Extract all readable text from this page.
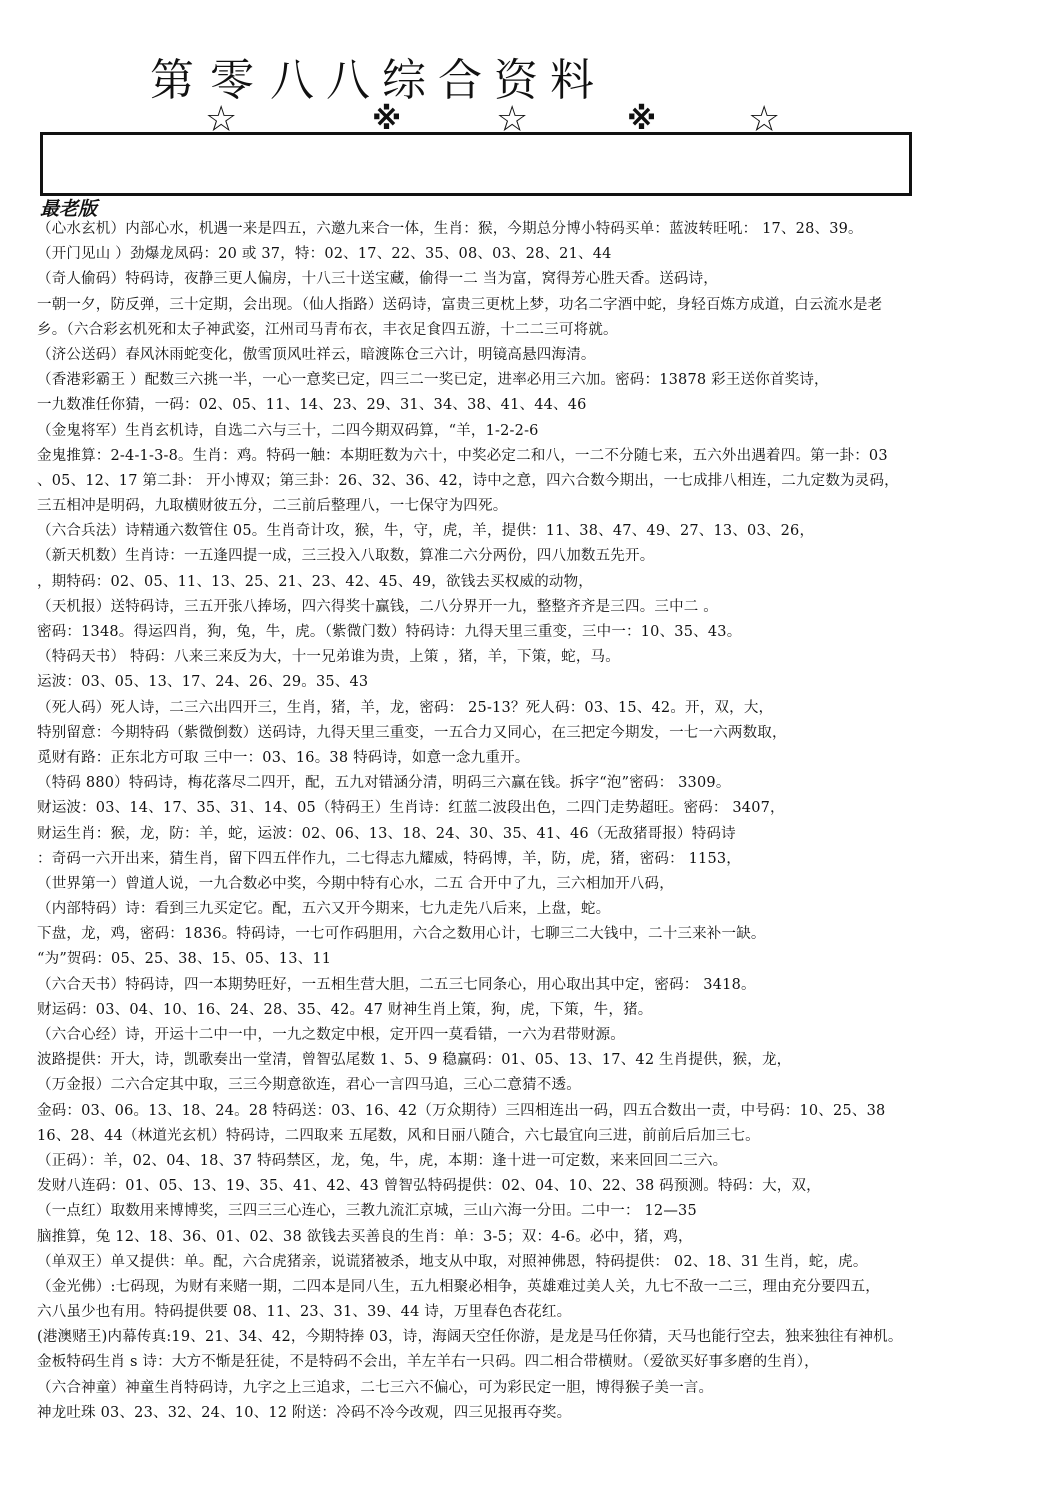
第 零 八八综合资料
☆	※	☆	※	☆
最老版
（心水玄机）内部心水，机遇一来是四五，六邀九来合一体，生肖：猴，今期总分博小特码买单：蓝波转旺吼： 17、28、39。
（开门见山 ）劲爆龙凤码：20 或 37，特：02、17、22、35、08、03、28、21、44
（奇人偷码）特码诗，夜静三更人偏房，十八三十送宝藏，偷得一二 当为富，窝得芳心胜天香。送码诗，
一朝一夕，防反弹，三十定期，会出现。（仙人指路）送码诗，富贵三更枕上梦，功名二字酒中蛇，身轻百炼方成道，白云流水是老
乡。（六合彩玄机死和太子神武姿，江州司马青布衣，丰衣足食四五游，十二二三可将就。
（济公送码）春风沐雨蛇变化，傲雪顶风吐祥云，暗渡陈仓三六计，明镜高悬四海清。
（香港彩霸王 ）配数三六挑一半，一心一意奖已定，四三二一奖已定，进率必用三六加。密码：13878 彩王送你首奖诗，
一九数准任你猜，一码：02、05、11、14、23、29、31、34、38、41、44、46
（金鬼将军）生肖玄机诗，自选二六与三十，二四今期双码算，“羊，1-2-2-6
金鬼推算：2-4-1-3-8。生肖：鸡。特码一触：本期旺数为六十，中奖必定二和八，一二不分随七来，五六外出遇着四。第一卦：03
、05、12、17 第二卦： 开小博双；第三卦：26、32、36、42，诗中之意，四六合数今期出，一七成排八相连，二九定数为灵码，
三五相冲是明码，九取横财彼五分，二三前后整理八，一七保守为四死。
（六合兵法）诗精通六数管住 05。生肖奇计攻，猴，牛，守，虎，羊，提供：11、38、47、49、27、13、03、26，
（新天机数）生肖诗：一五逢四提一成，三三投入八取数，算准二六分两份，四八加数五先开。
，期特码：02、05、11、13、25、21、23、42、45、49，欲钱去买权威的动物，
（天机报）送特码诗，三五开张八捧场，四六得奖十赢钱，二八分界开一九，整整齐齐是三四。三中二 。
密码：1348。得运四肖，狗，兔，牛，虎。（紫微门数）特码诗：九得天里三重变，三中一：10、35、43。
（特码天书） 特码：八来三来反为大，十一兄弟谁为贵，上策 ，猪，羊，下策，蛇，马。
运波：03、05、13、17、24、26、29。35、43
（死人码）死人诗，二三六出四开三，生肖，猪，羊，龙，密码： 25-13？死人码：03、15、42。开，双，大，
特别留意：今期特码（紫微倒数）送码诗，九得天里三重变，一五合力又同心，在三把定今期发，一七一六两数取，
觅财有路：正东北方可取 三中一：03、16。38 特码诗，如意一念九重开。
（特码 880）特码诗，梅花落尽二四开，配，五九对错涵分清，明码三六赢在钱。拆字“泡”密码： 3309。
财运波：03、14、17、35、31、14、05（特码王）生肖诗：红蓝二波段出色，二四门走势超旺。密码： 3407，
财运生肖：猴，龙，防：羊，蛇，运波：02、06、13、18、24、30、35、41、46（无敌猪哥报）特码诗
：奇码一六开出来，猜生肖，留下四五伴作九，二七得志九耀威，特码博，羊，防，虎，猪，密码： 1153，
（世界第一）曾道人说，一九合数必中奖，今期中特有心水，二五 合开中了九，三六相加开八码，
（内部特码）诗：看到三九买定它。配，五六又开今期来，七九走先八后来，上盘，蛇。
下盘，龙，鸡，密码：1836。特码诗，一七可作码胆用，六合之数用心计，七聊三二大钱中，二十三来补一缺。
“为”贺码：05、25、38、15、05、13、11
（六合天书）特码诗，四一本期势旺好，一五相生营大胆，二五三七同条心，用心取出其中定，密码： 3418。
财运码：03、04、10、16、24、28、35、42。47 财神生肖上策，狗，虎，下策，牛，猪。
（六合心经）诗，开运十二中一中，一九之数定中根，定开四一莫看错，一六为君带财源。
波路提供：开大，诗，凯歌奏出一堂清，曾智弘尾数 1、5、9 稳赢码：01、05、13、17、42 生肖提供，猴，龙，
（万金报）二六合定其中取，三三今期意欲连，君心一言四马追，三心二意猜不透。
金码：03、06。13、18、24。28 特码送：03、16、42（万众期待）三四相连出一码，四五合数出一责，中号码：10、25、38
16、28、44（林道光玄机）特码诗，二四取来 五尾数，风和日丽八随合，六七最宜向三进，前前后后加三七。
（正码）：羊，02、04、18、37 特码禁区，龙，兔，牛，虎，本期：逢十进一可定数，来来回回二三六。
发财八连码：01、05、13、19、35、41、42、43 曾智弘特码提供：02、04、10、22、38 码预测。特码：大，双，
（一点红）取数用来博博奖，三四三三心连心，三教九流汇京城，三山六海一分田。二中一： 12—35
脑推算，兔 12、18、36、01、02、38 欲钱去买善良的生肖：单：3-5；双：4-6。必中，猪，鸡，
（单双王）单又提供：单。配，六合虎猪亲，说谎猪被杀，地支从中取，对照神佛恩，特码提供： 02、18、31 生肖，蛇，虎。
（金光佛）:七码现，为财有来赌一期，二四本是同八生，五九相聚必相争，英雄难过美人关，九七不敌一二三，理由充分要四五，
六八虽少也有用。特码提供要 08、11、23、31、39、44 诗，万里春色杏花红。
(港澳赌王)内幕传真:19、21、34、42，今期特捧 03，诗，海阔天空任你游，是龙是马任你猜，天马也能行空去，独来独往有神机。
金板特码生肖 s 诗：大方不惭是狂徒，不是特码不会出，羊左羊右一只码。四二相合带横财。（爱欲买好事多磨的生肖），
（六合神童）神童生肖特码诗，九字之上三追求，二七三六不偏心，可为彩民定一胆，博得猴子美一言。
神龙吐珠 03、23、32、24、10、12 附送：冷码不冷今改观，四三见报再夺奖。
